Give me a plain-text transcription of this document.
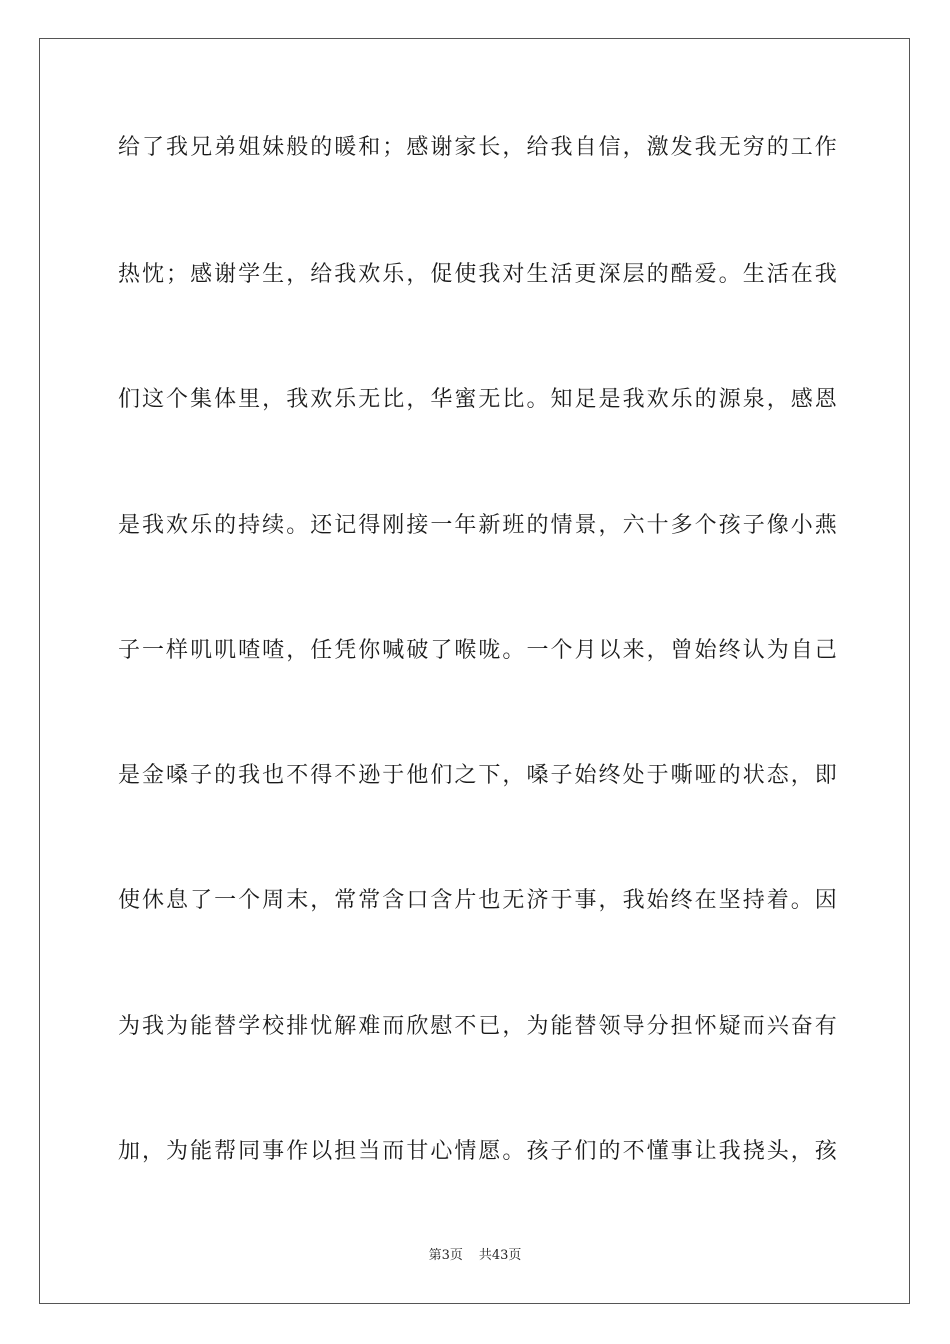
给了我兄弟姐妹般的暖和；感谢家长，给我自信，激发我无穷的工作
热忱；感谢学生，给我欢乐，促使我对生活更深层的酷爱。生活在我
们这个集体里，我欢乐无比，华蜜无比。知足是我欢乐的源泉，感恩
是我欢乐的持续。还记得刚接一年新班的情景，六十多个孩子像小燕
子一样叽叽喳喳，任凭你喊破了喉咙。一个月以来，曾始终认为自己
是金嗓子的我也不得不逊于他们之下，嗓子始终处于嘶哑的状态，即
使休息了一个周末，常常含口含片也无济于事，我始终在坚持着。因
为我为能替学校排忧解难而欣慰不已，为能替领导分担怀疑而兴奋有
加，为能帮同事作以担当而甘心情愿。孩子们的不懂事让我挠头，孩
第3页 共43页
